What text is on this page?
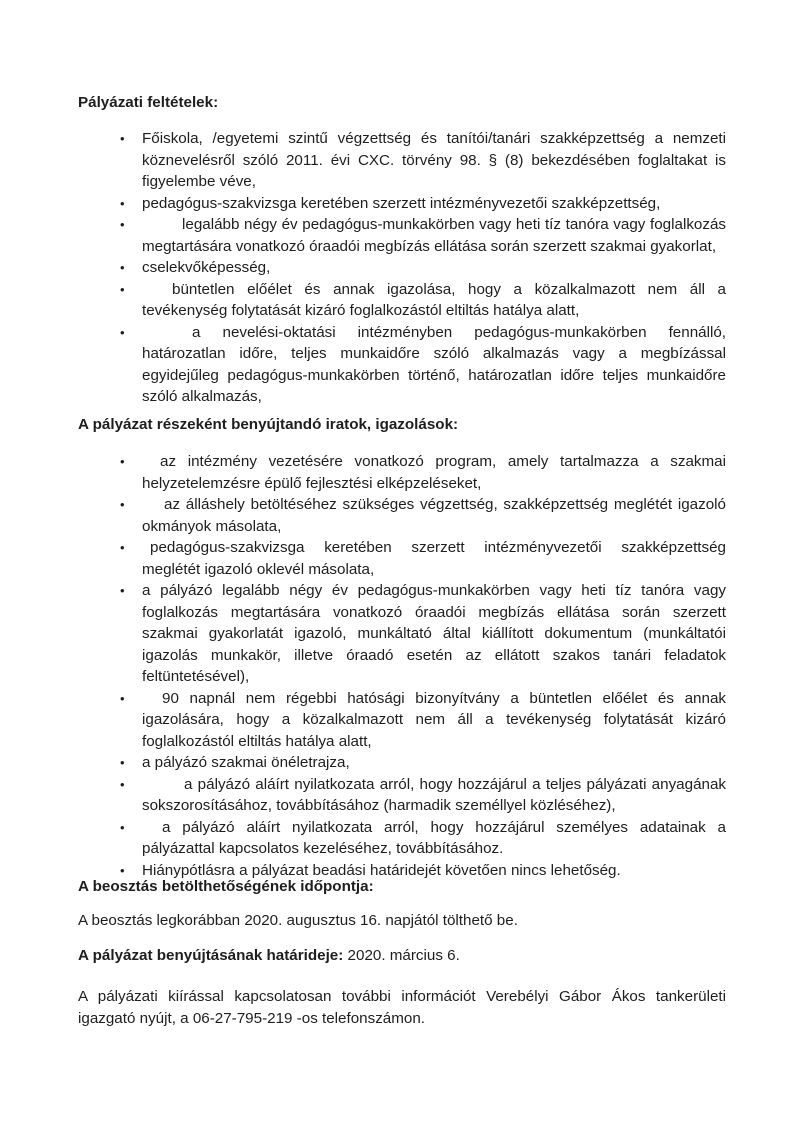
Pályázati feltételek:

• Főiskola, /egyetemi szintű végzettség és tanítói/tanári szakképzettség a nemzeti köznevelésről szóló 2011. évi CXC. törvény 98. § (8) bekezdésében foglaltakat is figyelembe véve,
• pedagógus-szakvizsga keretében szerzett intézményvezetői szakképzettség,
•	legalább négy év pedagógus-munkakörben vagy heti tíz tanóra vagy foglalkozás megtartására vonatkozó óraadói megbízás ellátása során szerzett szakmai gyakorlat,
• cselekvőképesség,
•	büntetlen előélet és annak igazolása, hogy a közalkalmazott nem áll a tevékenység folytatását kizáró foglalkozástól eltiltás hatálya alatt,
•	a nevelési-oktatási intézményben pedagógus-munkakörben fennálló, határozatlan időre, teljes munkaidőre szóló alkalmazás vagy a megbízással egyidejűleg pedagógus-munkakörben történő, határozatlan időre teljes munkaidőre szóló alkalmazás,

A pályázat részeként benyújtandó iratok, igazolások:

• az intézmény vezetésére vonatkozó program, amely tartalmazza a szakmai helyzetelemzésre épülő fejlesztési elképzeléseket,
•	az álláshely betöltéséhez szükséges végzettség, szakképzettség meglétét igazoló okmányok másolata,
• pedagógus-szakvizsga keretében szerzett intézményvezetői szakképzettség meglétét igazoló oklevél másolata,
• a pályázó legalább négy év pedagógus-munkakörben vagy heti tíz tanóra vagy foglalkozás megtartására vonatkozó óraadói megbízás ellátása során szerzett szakmai gyakorlatát igazoló, munkáltató által kiállított dokumentum (munkáltatói igazolás munkakör, illetve óraadó esetén az ellátott szakos tanári feladatok feltüntetésével),
• 90 napnál nem régebbi hatósági bizonyítvány a büntetlen előélet és annak igazolására, hogy a közalkalmazott nem áll a tevékenység folytatását kizáró foglalkozástól eltiltás hatálya alatt,
• a pályázó szakmai önéletrajza,
•	a pályázó aláírt nyilatkozata arról, hogy hozzájárul a teljes pályázati anyagának sokszorosításához, továbbításához (harmadik személlyel közléséhez),
• a pályázó aláírt nyilatkozata arról, hogy hozzájárul személyes adatainak a pályázattal kapcsolatos kezeléséhez, továbbításához.
• Hiánypótlásra a pályázat beadási határidejét követően nincs lehetőség.

A beosztás betölthetőségének időpontja:

A beosztás legkorábban 2020. augusztus 16. napjától tölthető be.

A pályázat benyújtásának határideje: 2020. március 6.

A pályázati kiírással kapcsolatosan további információt Verebélyi Gábor Ákos tankerületi igazgató nyújt, a 06-27-795-219 -os telefonszámon.
